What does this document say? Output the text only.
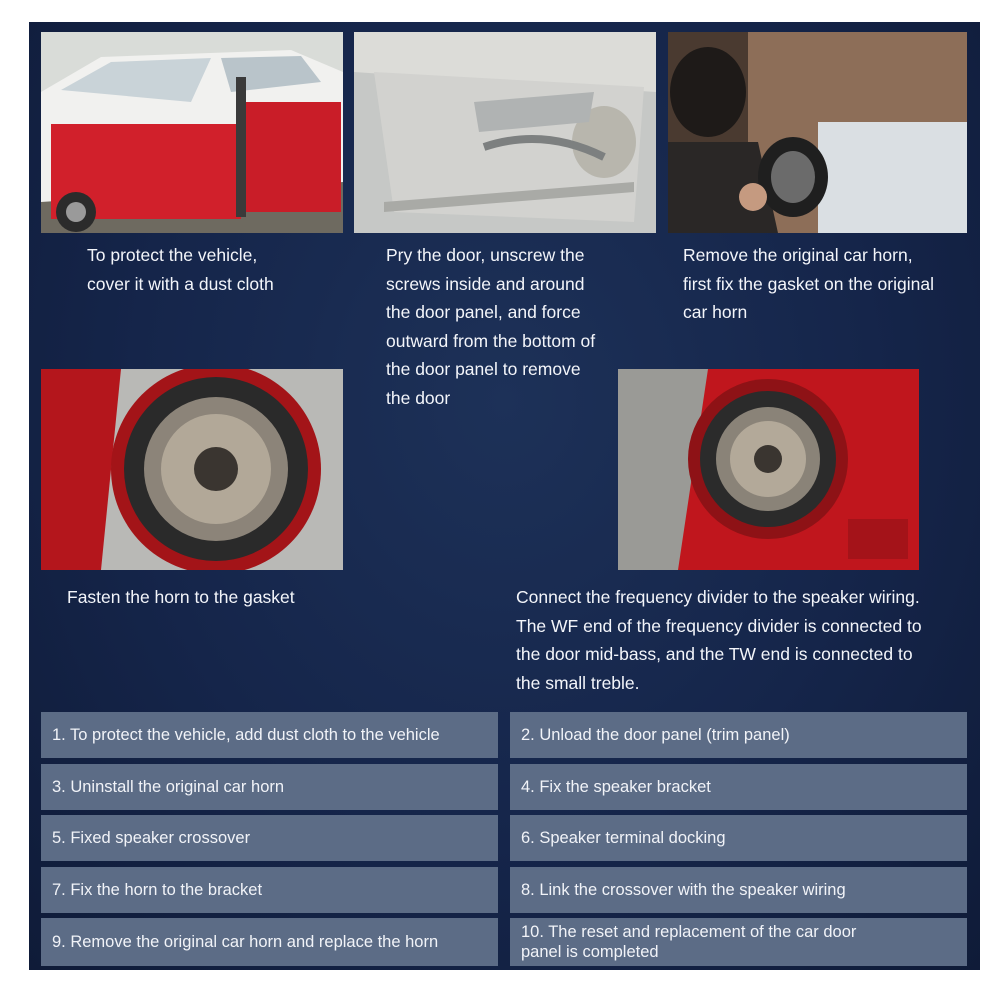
To protect the vehicle,
cover it with a dust cloth
Pry the door, unscrew the
screws inside and around
the door panel, and force
outward from the bottom of
the door panel to remove
the door
Remove the original car horn,
first fix the gasket on the original
car horn
Fasten the horn to the gasket	Connect the frequency divider to the speaker wiring.
The WF end of the frequency divider is connected to
the door mid-bass, and the TW end is connected to
the small treble.
1. To protect the vehicle, add dust cloth to the vehicle	2. Unload the door panel (trim panel)
3. Uninstall the original car horn	4. Fix the speaker bracket
5. Fixed speaker crossover	6. Speaker terminal docking
7. Fix the horn to the bracket	8. Link the crossover with the speaker wiring
9. Remove the original car horn and replace the horn
10. The reset and replacement of the car door
panel is completed
